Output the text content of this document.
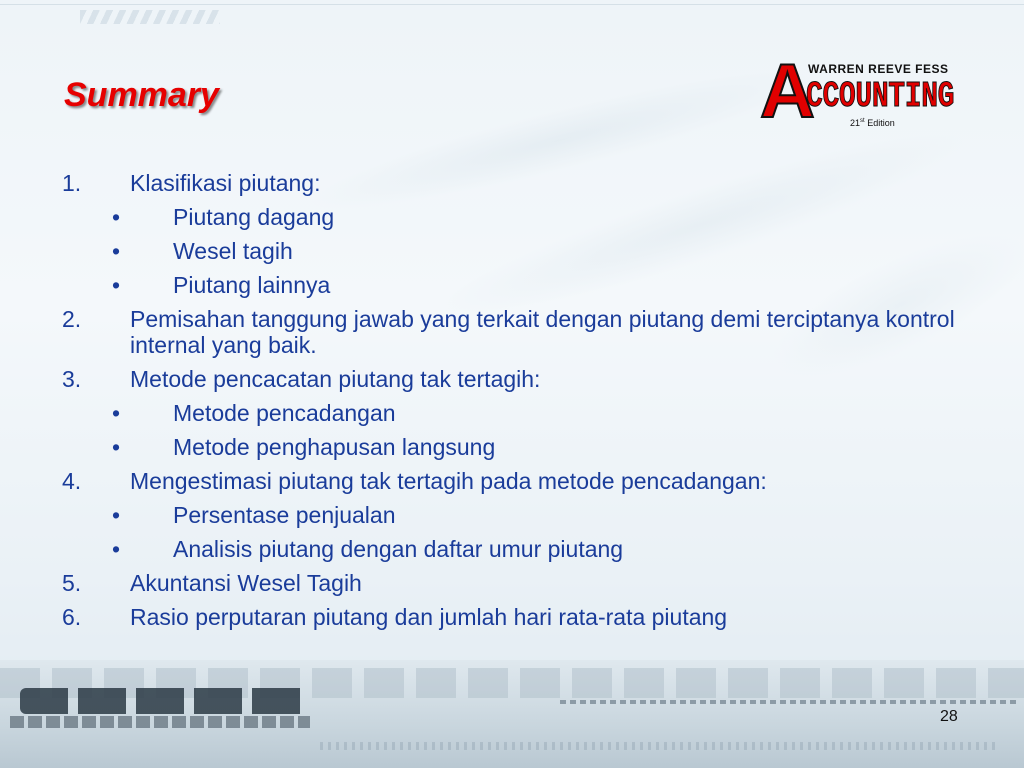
Summary	A
WARREN REEVE FESS
CCOUNTING
21st Edition
1.	Klasifikasi piutang:
•	Piutang dagang
•	Wesel tagih
•	Piutang lainnya
2.	Pemisahan tanggung jawab yang terkait dengan piutang demi terciptanya kontrol internal yang baik.
3.	Metode pencacatan piutang tak tertagih:
•	Metode pencadangan
•	Metode penghapusan langsung
4.	Mengestimasi piutang tak tertagih pada metode pencadangan:
•	Persentase penjualan
•	Analisis piutang dengan daftar umur piutang
5.	Akuntansi Wesel Tagih
6.	Rasio perputaran piutang dan jumlah hari rata-rata piutang
28
